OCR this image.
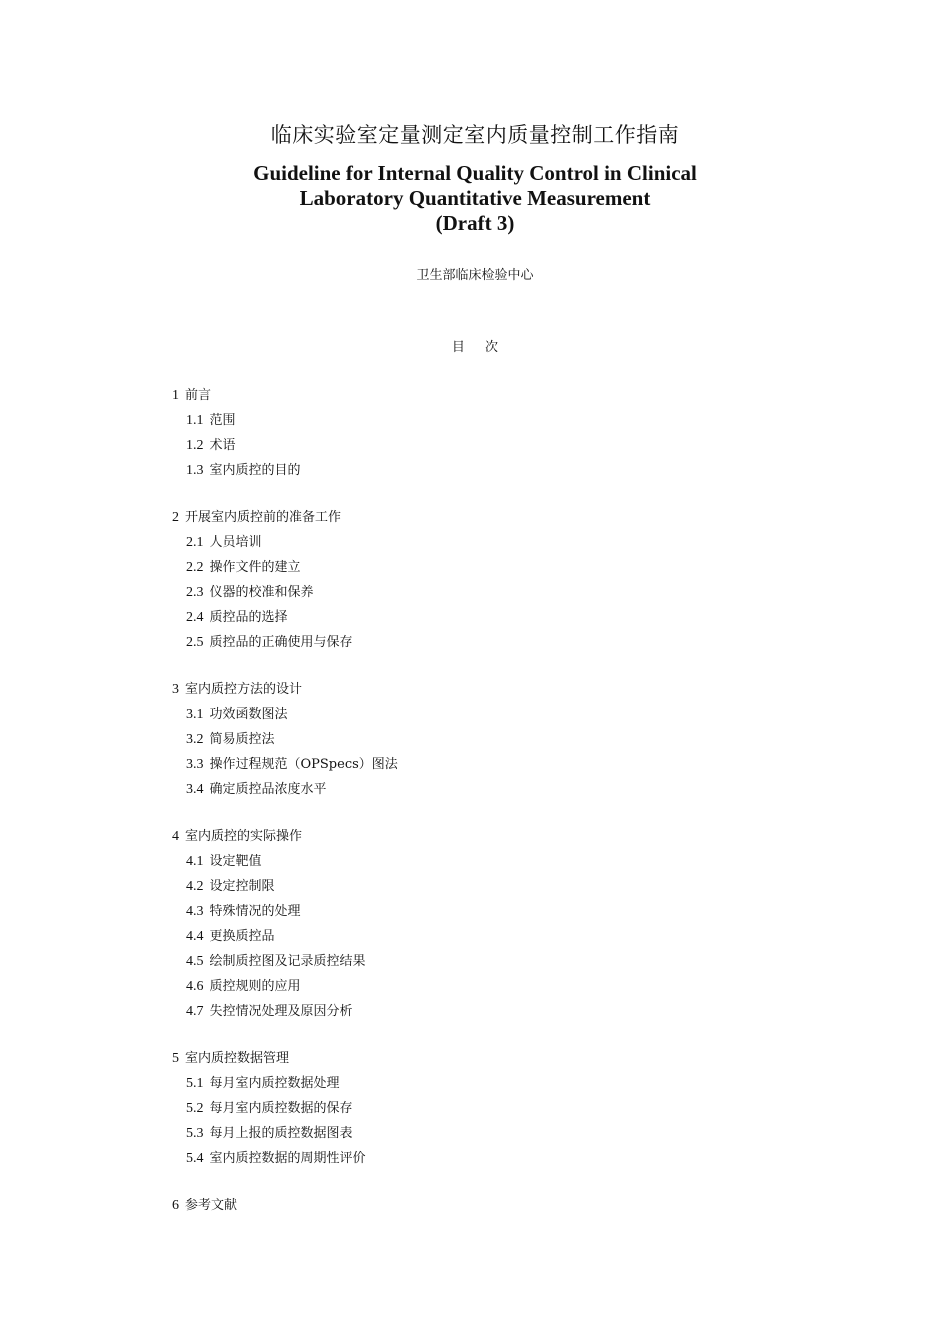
临床实验室定量测定室内质量控制工作指南
Guideline for Internal Quality Control in Clinical
Laboratory Quantitative Measurement
(Draft 3)
卫生部临床检验中心
目 次
1 前言
1.1 范围
1.2 术语
1.3 室内质控的目的
2 开展室内质控前的准备工作
2.1 人员培训
2.2 操作文件的建立
2.3 仪器的校准和保养
2.4 质控品的选择
2.5 质控品的正确使用与保存
3 室内质控方法的设计
3.1 功效函数图法
3.2 简易质控法
3.3 操作过程规范（OPSpecs）图法
3.4 确定质控品浓度水平
4 室内质控的实际操作
4.1 设定靶值
4.2 设定控制限
4.3 特殊情况的处理
4.4 更换质控品
4.5 绘制质控图及记录质控结果
4.6 质控规则的应用
4.7 失控情况处理及原因分析
5 室内质控数据管理
5.1 每月室内质控数据处理
5.2 每月室内质控数据的保存
5.3 每月上报的质控数据图表
5.4 室内质控数据的周期性评价
6 参考文献
